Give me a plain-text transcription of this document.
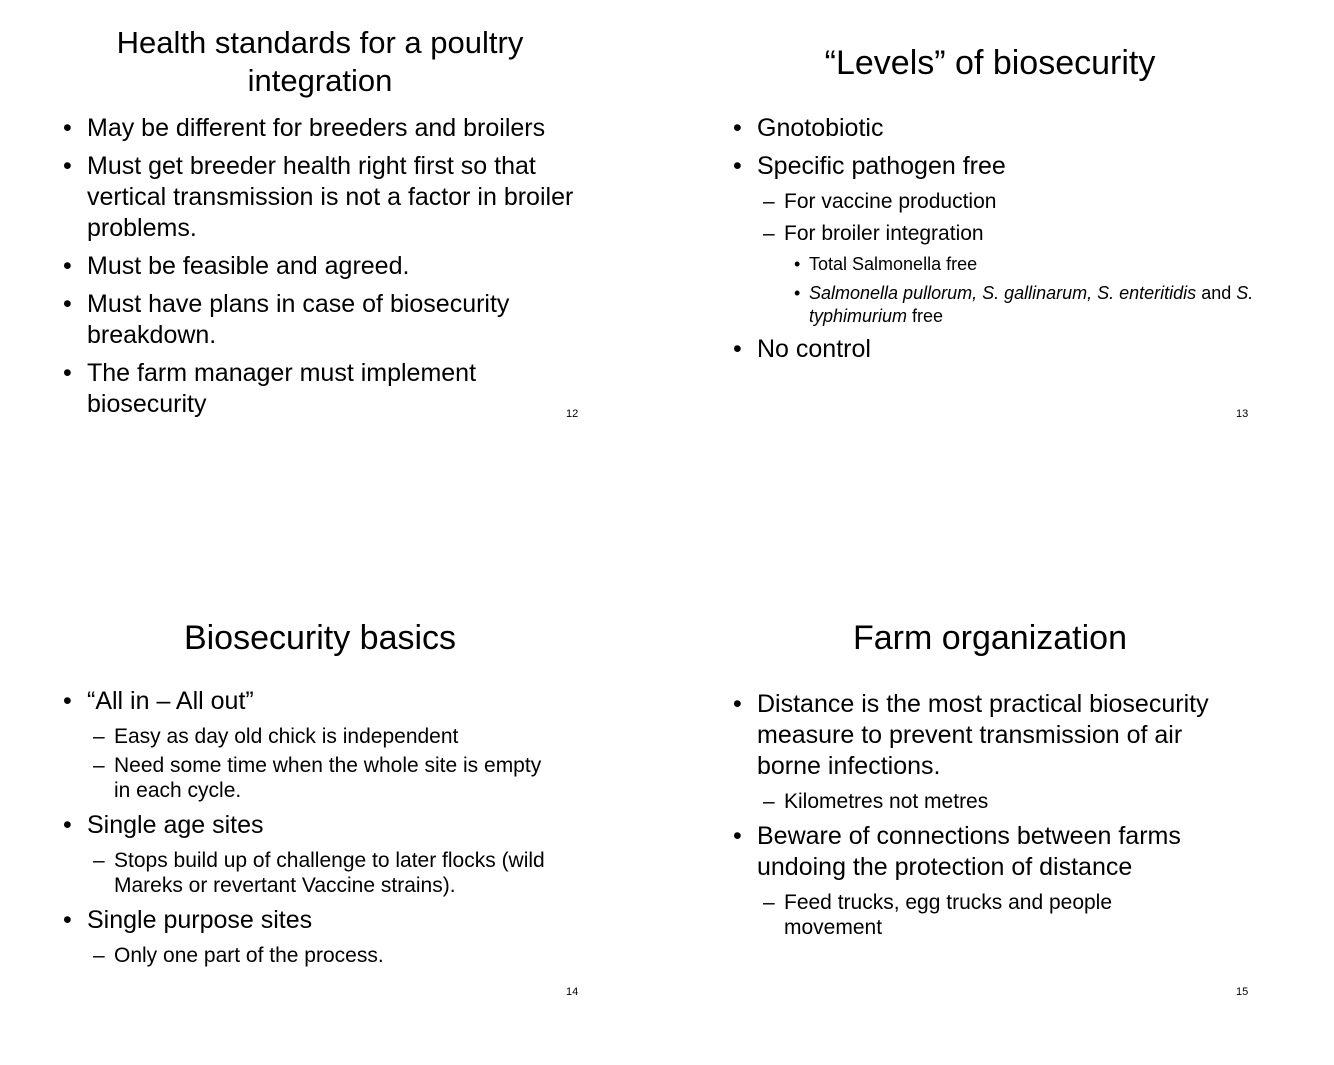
Health standards for a poultry integration
• May be different for breeders and broilers
• Must get breeder health right first so that vertical transmission is not a factor in broiler problems.
• Must be feasible and agreed.
• Must have plans in case of biosecurity breakdown.
• The farm manager must implement biosecurity	12
“Levels” of biosecurity
• Gnotobiotic
• Specific pathogen free
– For vaccine production
– For broiler integration
• Total Salmonella free
• Salmonella pullorum, S. gallinarum, S. enteritidis and S. typhimurium free
• No control
13
Biosecurity basics
• “All in – All out”
– Easy as day old chick is independent
– Need some time when the whole site is empty in each cycle.
• Single age sites
– Stops build up of challenge to later flocks (wild Mareks or revertant Vaccine strains).
• Single purpose sites
– Only one part of the process.
14
Farm organization
• Distance is the most practical biosecurity measure to prevent transmission of air borne infections.
– Kilometres not metres
• Beware of connections between farms undoing the protection of distance
– Feed trucks, egg trucks and people movement
15
